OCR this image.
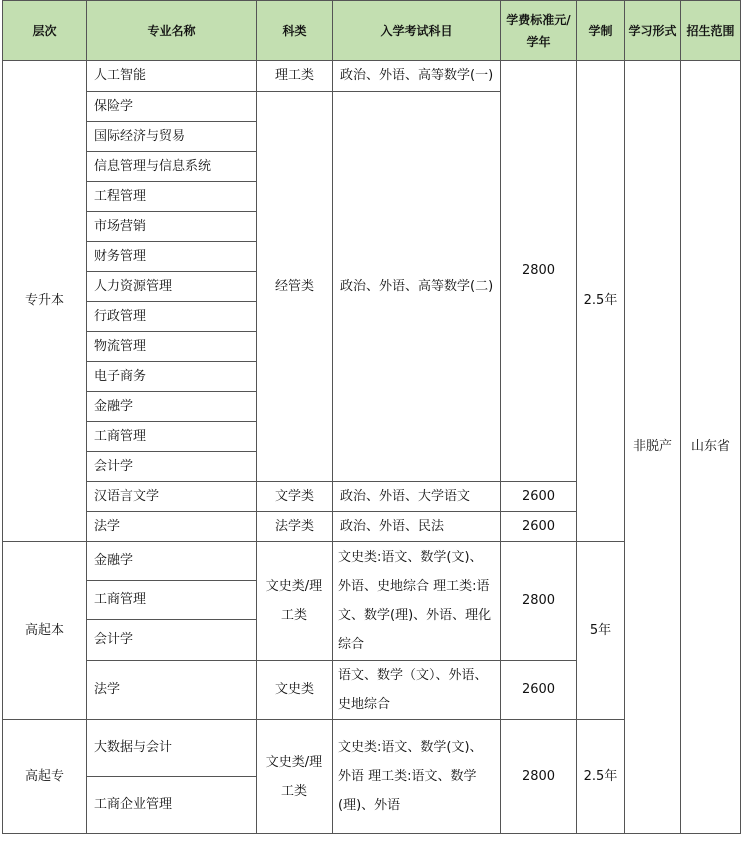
层次	专业名称	科类	入学考试科目	学费标准元/学年	学制	学习形式	招生范围
专升本	人工智能	理工类	政治、外语、高等数学(一)	2800	2.5年	非脱产	山东省
	保险学	经管类	政治、外语、高等数学(二)				
	国际经济与贸易						
	信息管理与信息系统						
	工程管理						
	市场营销						
	财务管理						
	人力资源管理						
	行政管理						
	物流管理						
	电子商务						
	金融学						
	工商管理						
	会计学						
	汉语言文学	文学类	政治、外语、大学语文	2600			
	法学	法学类	政治、外语、民法	2600			
高起本	金融学	文史类/理工类	文史类:语文、数学(文)、外语、史地综合 理工类:语文、数学(理)、外语、理化综合	2800	5年		
	工商管理						
	会计学						
	法学	文史类	语文、数学（文）、外语、史地综合	2600			
高起专	大数据与会计	文史类/理工类	文史类:语文、数学(文)、外语 理工类:语文、数学(理)、外语	2800	2.5年		
	工商企业管理						
